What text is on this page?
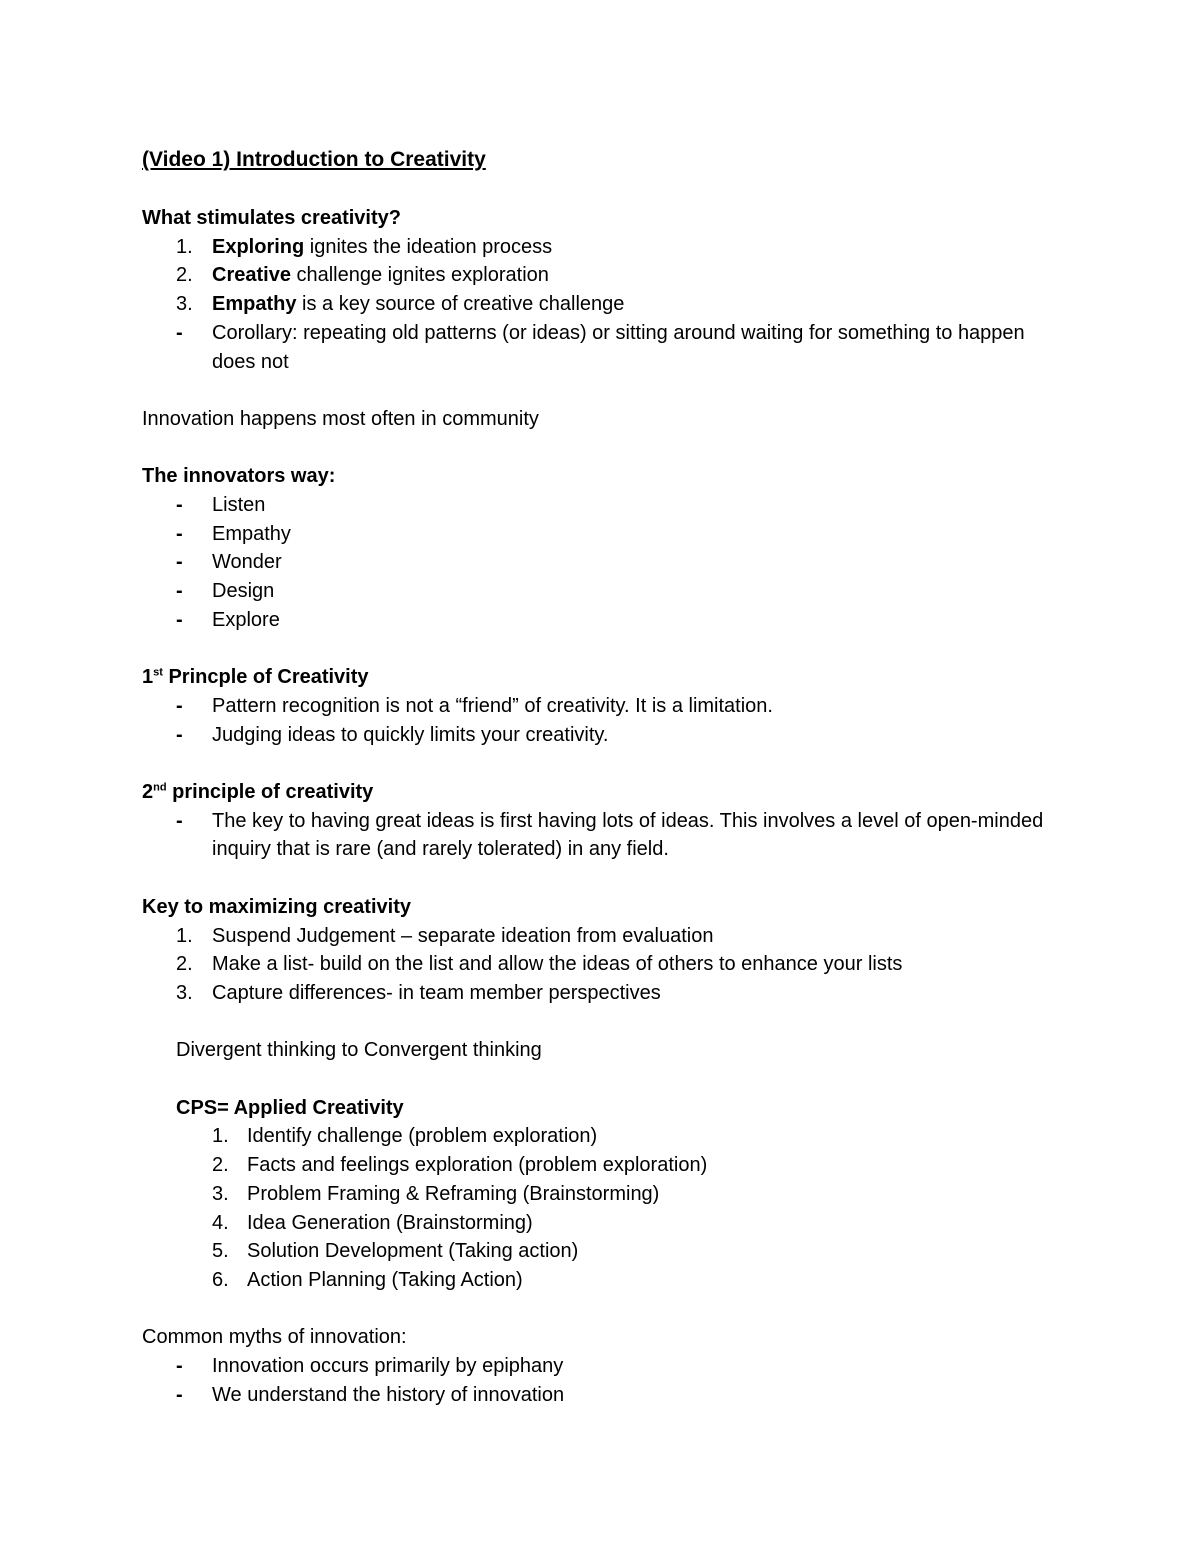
(Video 1) Introduction to Creativity
What stimulates creativity?
1. Exploring ignites the ideation process
2. Creative challenge ignites exploration
3. Empathy is a key source of creative challenge
- Corollary: repeating old patterns (or ideas) or sitting around waiting for something to happen does not
Innovation happens most often in community
The innovators way:
- Listen
- Empathy
- Wonder
- Design
- Explore
1st Princple of Creativity
- Pattern recognition is not a “friend” of creativity. It is a limitation.
- Judging ideas to quickly limits your creativity.
2nd principle of creativity
- The key to having great ideas is first having lots of ideas. This involves a level of open-minded inquiry that is rare (and rarely tolerated) in any field.
Key to maximizing creativity
1. Suspend Judgement – separate ideation from evaluation
2. Make a list- build on the list and allow the ideas of others to enhance your lists
3. Capture differences- in team member perspectives
Divergent thinking to Convergent thinking
CPS= Applied Creativity
1. Identify challenge (problem exploration)
2. Facts and feelings exploration (problem exploration)
3. Problem Framing & Reframing (Brainstorming)
4. Idea Generation (Brainstorming)
5. Solution Development (Taking action)
6. Action Planning (Taking Action)
Common myths of innovation:
- Innovation occurs primarily by epiphany
- We understand the history of innovation
